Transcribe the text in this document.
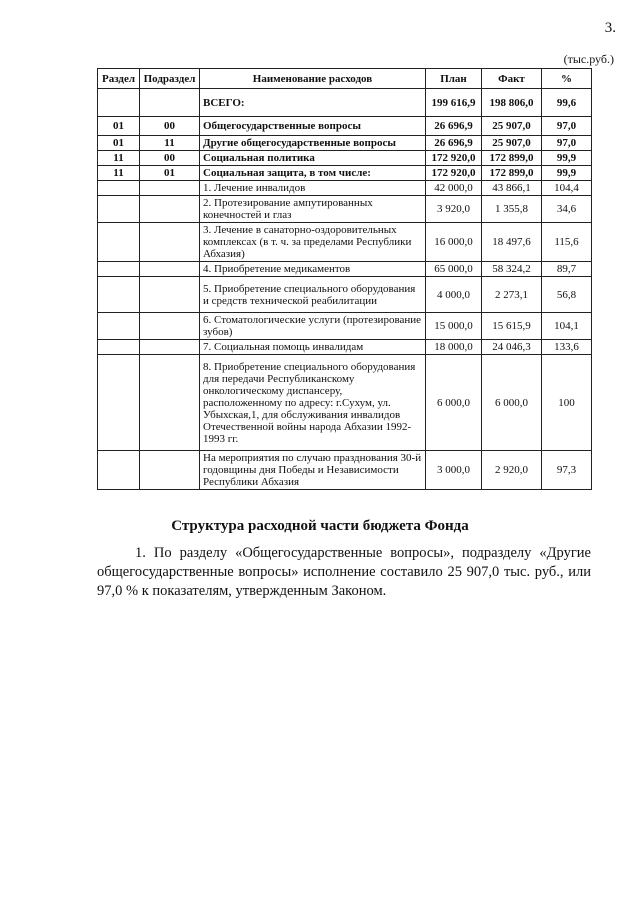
3.
(тыс.руб.)
Раздел	Подраздел	Наименование расходов	План	Факт	%
		ВСЕГО:	199 616,9	198 806,0	99,6
01	00	Общегосударственные вопросы	26 696,9	25 907,0	97,0
01	11	Другие общегосударственные вопросы	26 696,9	25 907,0	97,0
11	00	Социальная политика	172 920,0	172 899,0	99,9
11	01	Социальная защита, в том числе:	172 920,0	172 899,0	99,9
		1. Лечение инвалидов	42 000,0	43 866,1	104,4
		2. Протезирование ампутированных конечностей и глаз	3 920,0	1 355,8	34,6
		3. Лечение в санаторно-оздоровительных комплексах (в т. ч. за пределами Республики Абхазия)	16 000,0	18 497,6	115,6
		4. Приобретение медикаментов	65 000,0	58 324,2	89,7
		5. Приобретение специального оборудования и средств технической реабилитации	4 000,0	2 273,1	56,8
		6. Стоматологические услуги (протезирование зубов)	15 000,0	15 615,9	104,1
		7. Социальная помощь инвалидам	18 000,0	24 046,3	133,6
		8. Приобретение специального оборудования для передачи Республиканскому онкологическому диспансеру, расположенному по адресу: г.Сухум, ул. Убыхская,1, для обслуживания инвалидов Отечественной войны народа Абхазии 1992-1993 гг.	6 000,0	6 000,0	100
		На мероприятия по случаю празднования 30-й годовщины дня Победы и Независимости Республики Абхазия	3 000,0	2 920,0	97,3
Структура расходной части бюджета Фонда
1. По разделу «Общегосударственные вопросы», подразделу «Другие общегосударственные вопросы» исполнение составило 25 907,0 тыс. руб., или 97,0 % к показателям, утвержденным Законом.
